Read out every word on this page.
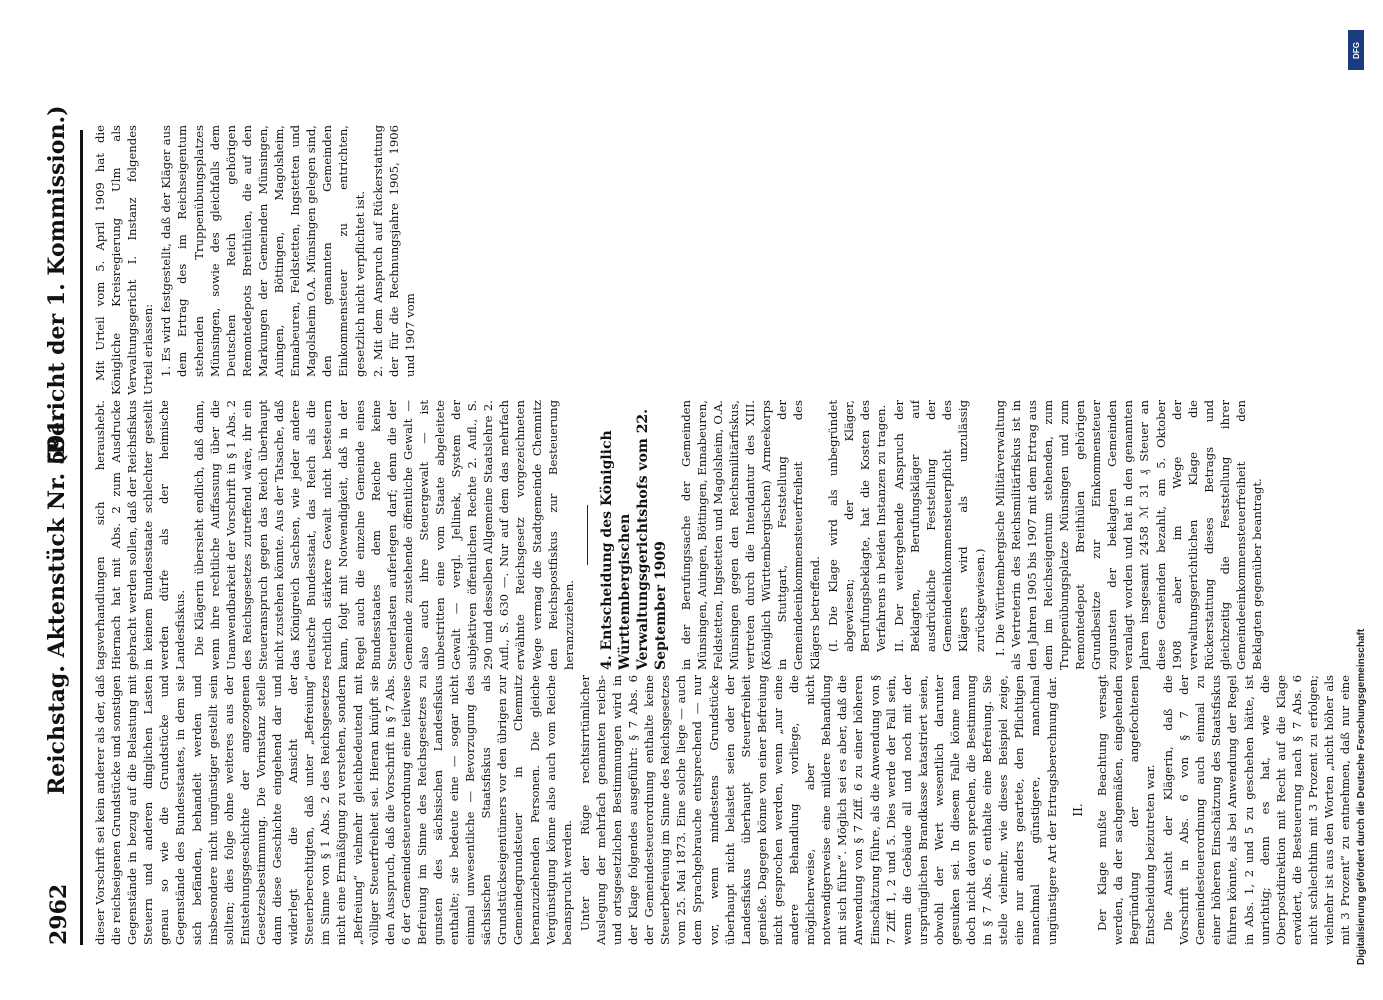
2962
Reichstag. Aktenstück Nr. 591.
(Bericht der 1. Kommission.)

dieser Vorschrift sei kein anderer als der, daß die reichseigenen Grundstücke und sonstigen Gegenstände in bezug auf die Belastung mit Steuern und anderen dinglichen Lasten genau so wie die Grundstücke und Gegenstände des Bundesstaates, in dem sie sich befänden, behandelt werden und insbesondere nicht ungünstiger gestellt sein sollten; dies folge ohne weiteres aus der Entstehungsgeschichte der angezogenen Gesetzesbestimmung. Die Vorinstanz stelle dann diese Geschichte eingehend dar und widerlegt die Ansicht der Steuerberechtigten, daß unter „Befreiung“ im Sinne von § 1 Abs. 2 des Reichsgesetzes nicht eine Ermäßigung zu verstehen, sondern „Befreiung“ vielmehr gleichbedeutend mit völliger Steuerfreiheit sei. Hieran knüpft sie den Ausspruch, daß die Vorschrift in § 7 Abs. 6 der Gemeindesteuerordnung eine teilweise Befreiung im Sinne des Reichsgesetzes zu gunsten des sächsischen Landesfiskus enthalte; sie bedeute eine — sogar nicht einmal unwesentliche — Bevorzugung des sächsischen Staatsfiskus als Grundstückseigentümers vor den übrigen zur Gemeindegrundsteuer in Chemnitz heranzuziehenden Personen. Die gleiche Vergünstigung könne also auch vom Reiche beansprucht werden. Unter der Rüge rechtsirrtümlicher Auslegung der mehrfach genannten reichs- und ortsgesetzlichen Bestimmungen wird in der Klage folgendes ausgeführt: § 7 Abs. 6 der Gemeindesteuerordnung enthalte keine Steuerbefreiung im Sinne des Reichsgesetzes vom 25. Mai 1873. Eine solche liege — auch dem Sprachgebrauche entsprechend — nur vor, wenn mindestens Grundstücke überhaupt nicht belastet seien oder der Landesfiskus überhaupt Steuerfreiheit genieße. Dagegen könne von einer Befreiung nicht gesprochen werden, wenn „nur eine andere Behandlung vorliege, die möglicherweise, aber nicht notwendigerweise eine mildere Behandlung mit sich führe“. Möglich sei es aber, daß die Anwendung von § 7 Ziff. 6 zu einer höheren Einschätzung führe, als die Anwendung von § 7 Ziff. 1, 2 und 5. Dies werde der Fall sein, wenn die Gebäude all und noch mit der ursprünglichen Brandkasse katastriert seien, obwohl der Wert wesentlich darunter gesunken sei. In diesem Falle könne man doch nicht davon sprechen, die Bestimmung in § 7 Abs. 6 enthalte eine Befreiung. Sie stelle vielmehr, wie dieses Beispiel zeige, eine nur anders geartete, den Pflichtigen manchmal günstigere, manchmal ungünstigere Art der Ertragsberechnung dar. II. Der Klage mußte Beachtung versagt werden, da der sachgemäßen, eingehenden Begründung der angefochtenen Entscheidung beizutreten war. Die Ansicht der Klägerin, daß die Vorschrift in Abs. 6 von § 7 der Gemeindesteuerordnung auch einmal zu einer höheren Einschätzung des Staatsfiskus führen könnte, als bei Anwendung der Regel in Abs. 1, 2 und 5 zu geschehen hätte, ist unrichtig; denn es hat, wie die Oberpostdirektion mit Recht auf die Klage erwidert, die Besteuerung nach § 7 Abs. 6 nicht schlechthin mit 3 Prozent zu erfolgen; vielmehr ist aus den Worten „nicht höher als mit 3 Prozent“ zu entnehmen, daß nur eine

tagsverhandlungen sich heraushebt. Hiernach hat mit Abs. 2 zum Ausdrucke gebracht werden sollen, daß der Reichsfiskus in keinem Bundesstaate schlechter gestellt werden dürfe als der heimische Landesfiskus. Die Klägerin übersieht endlich, daß dann, wenn ihre rechtliche Auffassung über die Unanwendbarkeit der Vorschrift in § 1 Abs. 2 des Reichsgesetzes zutreffend wäre, ihr ein Steueranspruch gegen das Reich überhaupt nicht zustehen könnte. Aus der Tatsache, daß das Königreich Sachsen, wie jeder andere deutsche Bundesstaat, das Reich als die rechtlich stärkere Gewalt nicht besteuern kann, folgt mit Notwendigkeit, daß in der Regel auch die einzelne Gemeinde eines Bundesstaates dem Reiche keine Steuerlasten auferlegen darf; denn die der Gemeinde zustehende öffentliche Gewalt — also auch ihre Steuergewalt — ist unbestritten eine vom Staate abgeleitete Gewalt — vergl. Jellinek, System der subjektiven öffentlichen Rechte 2. Aufl., S. 290 und desselben Allgemeine Staatslehre 2. Aufl., S. 630 —. Nur auf dem das mehrfach erwähnte Reichsgesetz vorgezeichneten Wege vermag die Stadtgemeinde Chemnitz den Reichspostfiskus zur Besteuerung heranzuziehen. 4. Entscheidung des Königlich Württembergischen Verwaltungsgerichtshofs vom 22. September 1909 in der Berufungssache der Gemeinden Münsingen, Auingen, Böttingen, Ennabeuren, Feldstetten, Ingstetten und Magolsheim, O.A. Münsingen gegen den Reichsmilitärfiskus, vertreten durch die Intendantur des XIII. (Königlich Württembergischen) Armeekorps in Stuttgart, Feststellung der Gemeindeeinkommensteuerfreiheit des Klägers betreffend. (I. Die Klage wird als unbegründet abgewiesen; der Kläger, Berufungsbeklagte, hat die Kosten des Verfahrens in beiden Instanzen zu tragen. II. Der weitergehende Anspruch der Beklagten, Berufungskläger auf ausdrückliche Feststellung der Gemeindeeinkommensteuerpflicht des Klägers wird als unzulässig zurückgewiesen.) I. Die Württembergische Militärverwaltung als Vertreterin des Reichsmilitärfiskus ist in den Jahren 1905 bis 1907 mit dem Ertrag aus dem im Reichseigentum stehenden, zum Truppenübungsplatze Münsingen und zum Remontedepot Breithülen gehörigen Grundbesitze zur Einkommensteuer zugunsten der beklagten Gemeinden veranlagt worden und hat in den genannten Jahren insgesamt 2458 ℳ 31 ₰ Steuer an diese Gemeinden bezahlt, am 5. Oktober 1908 aber im Wege der verwaltungsgerichtlichen Klage die Rückerstattung dieses Betrags und gleichzeitig die Feststellung ihrer Gemeindeeinkommensteuerfreiheit den Beklagten gegenüber beantragt.

Mit Urteil vom 5. April 1909 hat die Königliche Kreisregierung Ulm als Verwaltungsgericht I. Instanz folgendes Urteil erlassen: 1. Es wird festgestellt, daß der Kläger aus dem Ertrag des im Reichseigentum stehenden Truppenübungsplatzes Münsingen, sowie des gleichfalls dem Deutschen Reich gehörigen Remontedepots Breithülen, die auf den Markungen der Gemeinden Münsingen, Auingen, Böttingen, Magolsheim, Ennabeuren, Feldstetten, Ingstetten und Magolsheim O.A. Münsingen gelegen sind, den genannten Gemeinden Einkommensteuer zu entrichten, gesetzlich nicht verpflichtet ist. 2. Mit dem Anspruch auf Rückerstattung der für die Rechnungsjahre 1905, 1906 und 1907 vom
DFG
Digitalisierung gefördert durch die Deutsche Forschungsgemeinschaft
